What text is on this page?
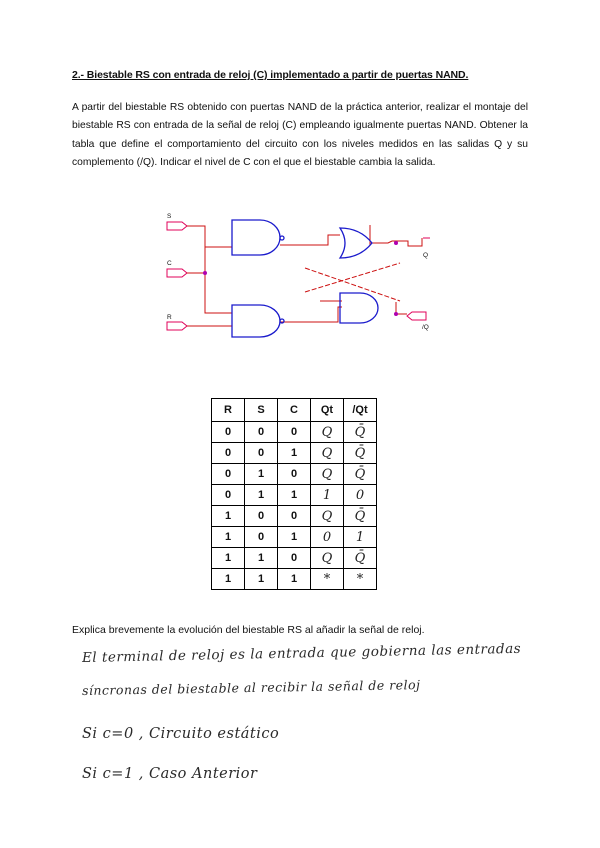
2.- Biestable RS con entrada de reloj (C) implementado a partir de puertas NAND.
A partir del biestable RS obtenido con puertas NAND de la práctica anterior, realizar el montaje del biestable RS con entrada de la señal de reloj (C) empleando igualmente puertas NAND. Obtener la tabla que define el comportamiento del circuito con los niveles medidos en las salidas Q y su complemento (/Q). Indicar el nivel de C con el que el biestable cambia la salida.
S
C
R
Q
/Q
R	S	C	Qt	/Qt
0	0	0	Q	Q̄
0	0	1	Q	Q̄
0	1	0	Q	Q̄
0	1	1	1	0
1	0	0	Q	Q̄
1	0	1	0	1
1	1	0	Q	Q̄
1	1	1	*	*
Explica brevemente la evolución del biestable RS al añadir la señal de reloj.
El terminal de reloj es la entrada que gobierna las entradas
síncronas del biestable al recibir la señal de reloj
Si c=0 , Circuito estático
Si c=1 , Caso Anterior
